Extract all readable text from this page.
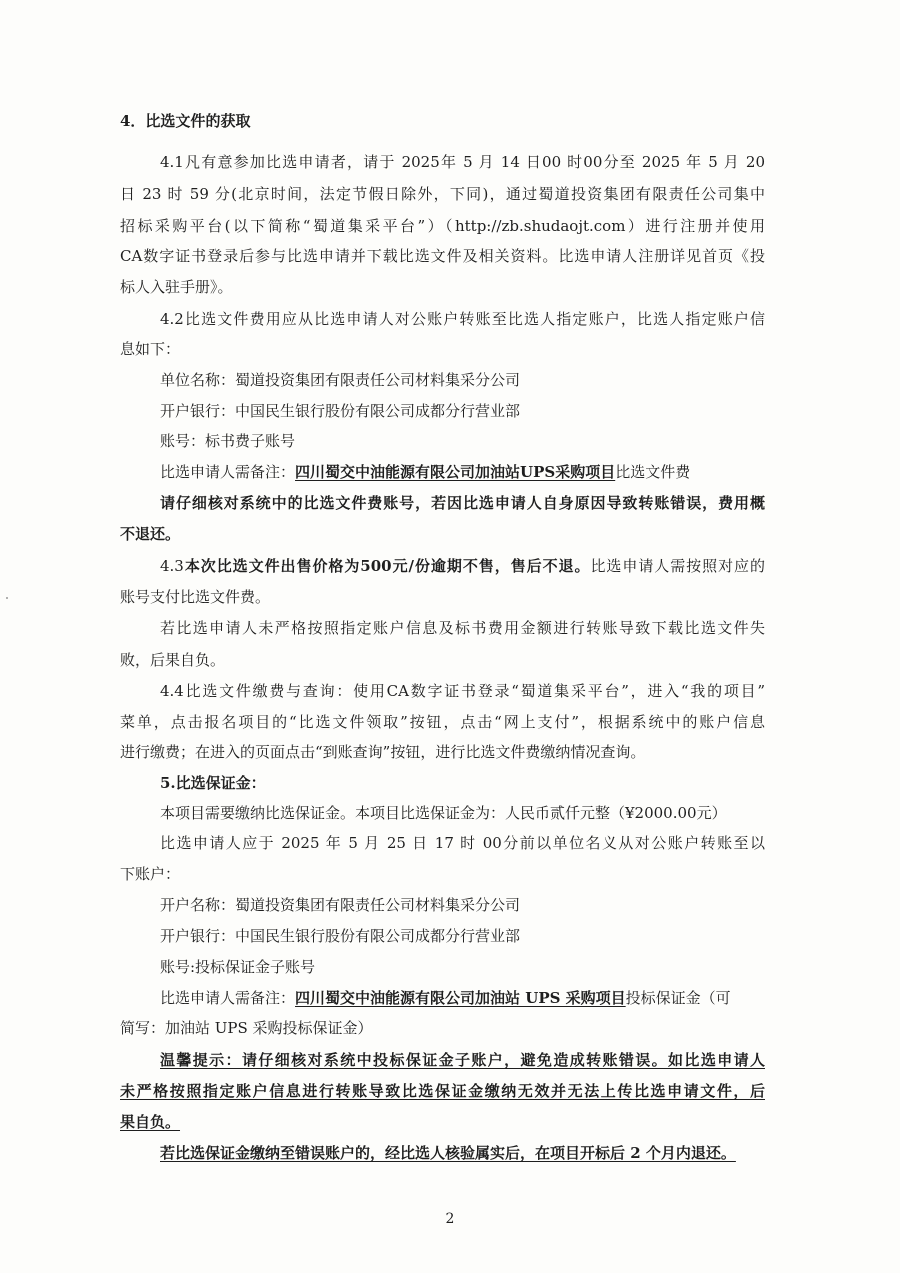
4．比选文件的获取
4.1凡有意参加比选申请者，请于 2025年 5 月 14 日00 时00分至 2025 年 5 月 20
日 23 时 59 分(北京时间，法定节假日除外，下同)，通过蜀道投资集团有限责任公司集中
招标采购平台(以下简称“蜀道集采平台”）（http://zb.shudaojt.com）进行注册并使用
CA数字证书登录后参与比选申请并下载比选文件及相关资料。比选申请人注册详见首页《投
标人入驻手册》。
4.2比选文件费用应从比选申请人对公账户转账至比选人指定账户，比选人指定账户信
息如下：
单位名称：蜀道投资集团有限责任公司材料集采分公司
开户银行：中国民生银行股份有限公司成都分行营业部
账号：标书费子账号
比选申请人需备注：四川蜀交中油能源有限公司加油站UPS采购项目比选文件费
请仔细核对系统中的比选文件费账号，若因比选申请人自身原因导致转账错误，费用概
不退还。
4.3本次比选文件出售价格为500元/份逾期不售，售后不退。比选申请人需按照对应的
账号支付比选文件费。
若比选申请人未严格按照指定账户信息及标书费用金额进行转账导致下载比选文件失
败，后果自负。
4.4比选文件缴费与查询：使用CA数字证书登录“蜀道集采平台”，进入“我的项目”
菜单，点击报名项目的“比选文件领取”按钮，点击“网上支付”，根据系统中的账户信息
进行缴费；在进入的页面点击“到账查询”按钮，进行比选文件费缴纳情况查询。
5.比选保证金：
本项目需要缴纳比选保证金。本项目比选保证金为：人民币贰仟元整（¥2000.00元）
比选申请人应于 2025 年 5 月 25 日 17 时 00分前以单位名义从对公账户转账至以
下账户：
开户名称：蜀道投资集团有限责任公司材料集采分公司
开户银行：中国民生银行股份有限公司成都分行营业部
账号:投标保证金子账号
比选申请人需备注：四川蜀交中油能源有限公司加油站 UPS 采购项目投标保证金（可
简写：加油站 UPS 采购投标保证金）
温馨提示：请仔细核对系统中投标保证金子账户，避免造成转账错误。如比选申请人
未严格按照指定账户信息进行转账导致比选保证金缴纳无效并无法上传比选申请文件，后
果自负。
若比选保证金缴纳至错误账户的，经比选人核验属实后，在项目开标后 2 个月内退还。
2
